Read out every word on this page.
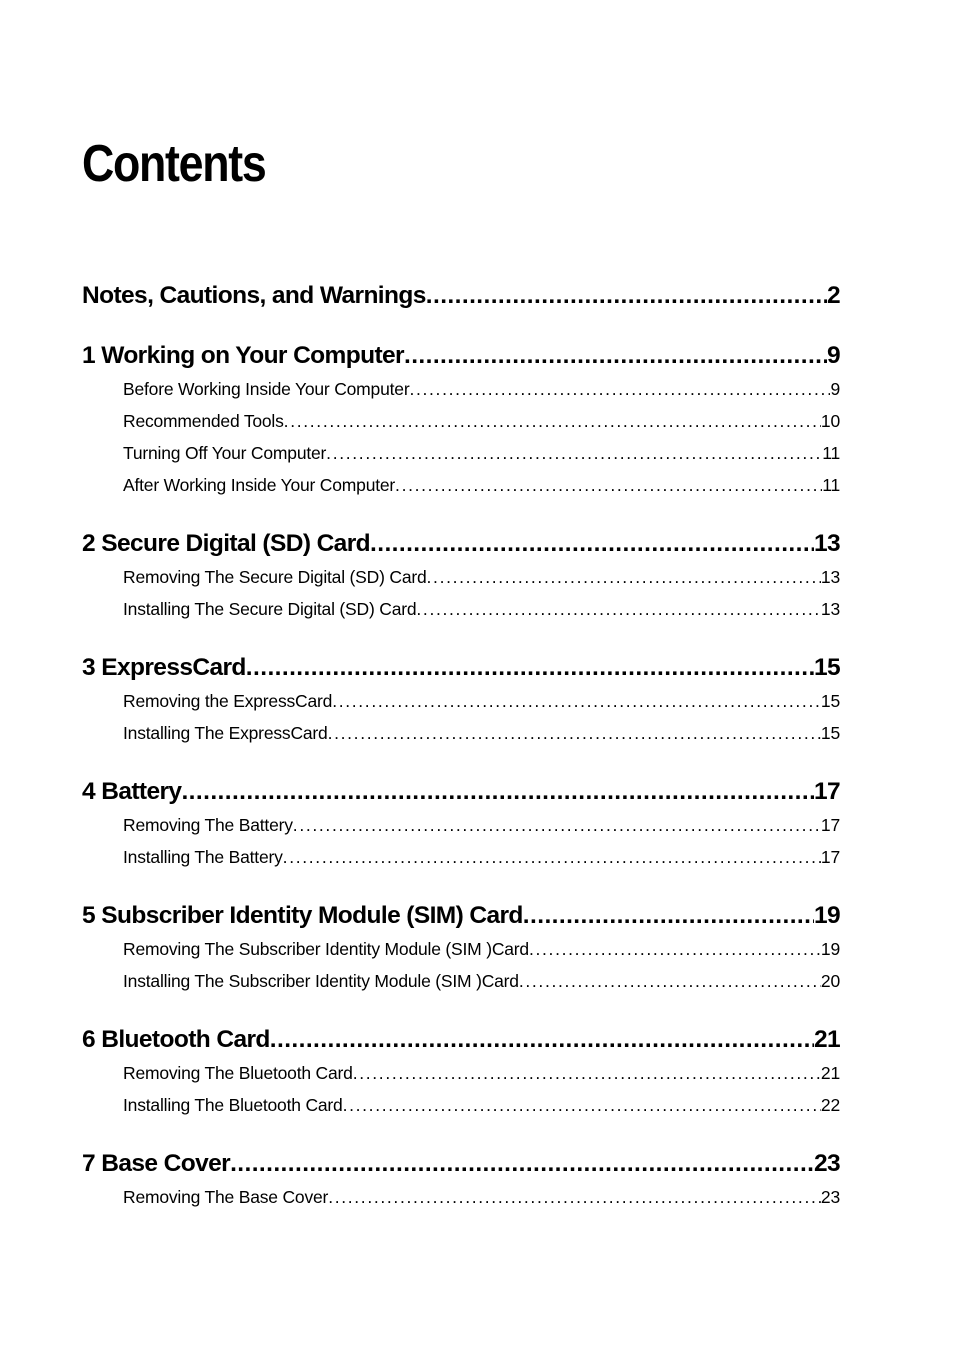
Contents
Notes, Cautions, and Warnings . . .	2
1 Working on Your Computer . . .	9
Before Working Inside Your Computer . . .	9
Recommended Tools . . .	10
Turning Off Your Computer . . .	11
After Working Inside Your Computer . . .	11
2 Secure Digital (SD) Card . . .	13
Removing The Secure Digital (SD) Card . . .	13
Installing The Secure Digital (SD) Card . . .	13
3 ExpressCard . . .	15
Removing the ExpressCard . . .	15
Installing The ExpressCard . . .	15
4 Battery . . .	17
Removing The Battery . . .	17
Installing The Battery . . .	17
5 Subscriber Identity Module (SIM) Card . . .	19
Removing The Subscriber Identity Module (SIM )Card . . .	19
Installing The Subscriber Identity Module (SIM )Card . . .	20
6 Bluetooth Card . . .	21
Removing The Bluetooth Card . . .	21
Installing The Bluetooth Card . . .	22
7 Base Cover . . .	23
Removing The Base Cover . . .	23
